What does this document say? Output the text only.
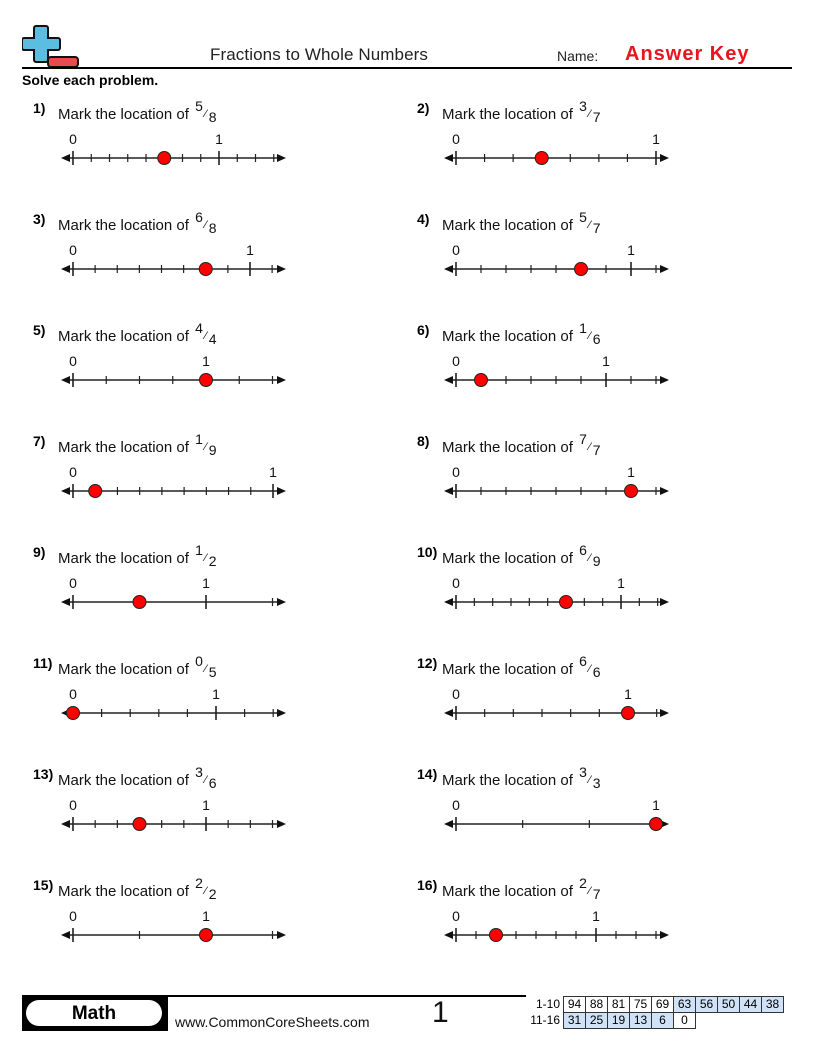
Fractions to Whole Numbers	Name: Answer Key
Solve each problem.
1) Mark the location of 5 ⁄ 8
0	1
2) Mark the location of 3 ⁄ 7
0	1
3) Mark the location of 6 ⁄ 8
0	1
4) Mark the location of 5 ⁄ 7
0	1
5) Mark the location of 4 ⁄ 4
0	1
6) Mark the location of 1 ⁄ 6
0	1
7) Mark the location of 1 ⁄ 9
0	1
8) Mark the location of 7 ⁄ 7
0	1
9) Mark the location of 1 ⁄ 2
0	1
10) Mark the location of 6 ⁄ 9
0	1
11) Mark the location of 0 ⁄ 5
0	1
12) Mark the location of 6 ⁄ 6
0	1
13) Mark the location of 3 ⁄ 6
0	1
14) Mark the location of 3 ⁄ 3
0	1
15) Mark the location of 2 ⁄ 2
0	1
16) Mark the location of 2 ⁄ 7
0	1
Math	www.CommonCoreSheets.com 1	1-10	94	88	81	75	69	63	56	50	44	38
11-16	31	25	19	13	6	0				
